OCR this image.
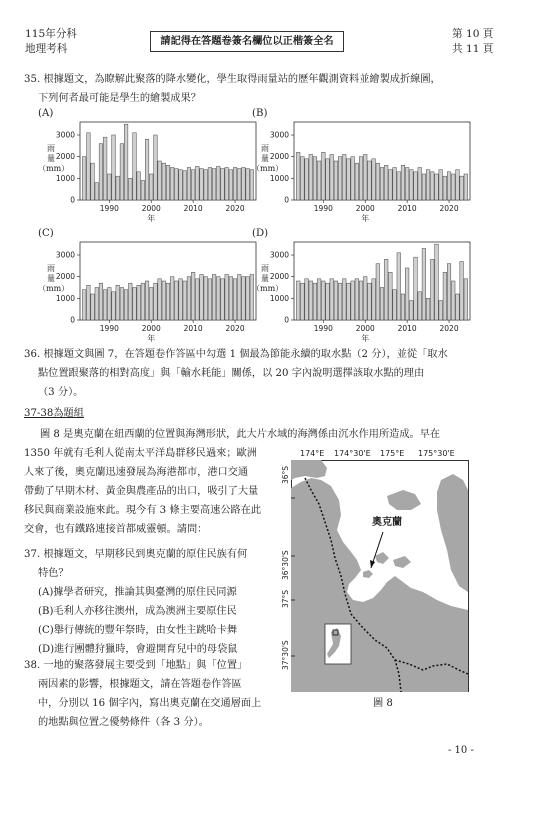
115年分科
地理考科
請記得在答題卷簽名欄位以正楷簽全名
第 10 頁
共 11 頁
35. 根據題文，為瞭解此聚落的降水變化，學生取得雨量站的歷年觀測資料並繪製成折線圖，
下列何者最可能是學生的繪製成果？
(A)
雨
量
（mm）
0
1000
2000
3000
1990	2000	2010	2020
年
(B)
雨
量
（mm）
0
1000
2000
3000
1990	2000	2010	2020
年
(C)
雨
量
（mm）
0
1000
2000
3000
1990	2000	2010	2020
年
(D)
雨
量
（mm）
0
1000
2000
3000
1990	2000	2010	2020
年
36. 根據題文與圖 7，在答題卷作答區中勾選 1 個最為節能永續的取水點（2 分），並從「取水
點位置跟聚落的相對高度」與「輸水耗能」關係，以 20 字內說明選擇該取水點的理由
（3 分）。
37-38為題組
圖 8 是奧克蘭在紐西蘭的位置與海灣形狀，此大片水域的海灣係由沉水作用所造成。早在
1350 年就有毛利人從南太平洋島群移民過來；歐洲
人來了後，奧克蘭迅速發展為海港都市，港口交通
帶動了早期木材、黃金與農產品的出口，吸引了大量
移民與商業設施來此。現今有 3 條主要高速公路在此
交會，也有鐵路連接首都威靈頓。請問：
37. 根據題文，早期移民到奧克蘭的原住民族有何
特色？
(A)據學者研究，推論其與臺灣的原住民同源
(B)毛利人亦移往澳州，成為澳洲主要原住民
(C)舉行傳統的豐年祭時，由女性主跳哈卡舞
(D)進行團體狩獵時，會避開育兒中的母袋鼠
38. 一地的聚落發展主要受到「地點」與「位置」
兩因素的影響，根據題文，請在答題卷作答區
中，分別以 16 個字內，寫出奧克蘭在交通層面上
的地點與位置之優勢條件（各 3 分）。
174°E 174°30'E 175°E 175°30'E
奧克蘭
36°S
36°30'S
37°S
37°30'S
圖 8
- 10 -
